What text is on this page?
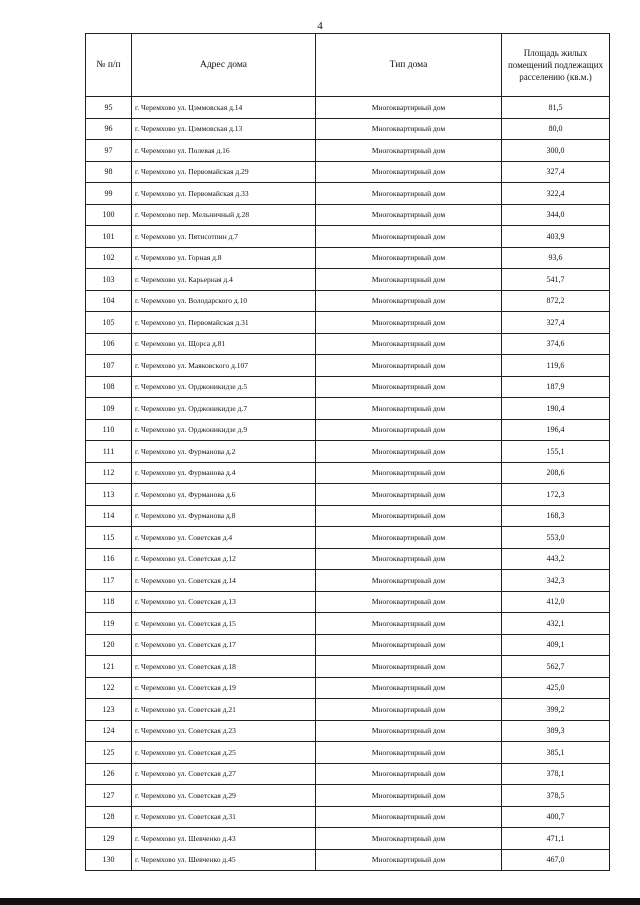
4
№ п/п	Адрес дома	Тип дома	Площадь жилых помещений подлежащих расселению (кв.м.)
95	г. Черемхово ул. Цэммовская д.14	Многоквартирный дом	81,5
96	г. Черемхово ул. Цэммовская д.13	Многоквартирный дом	80,0
97	г. Черемхово ул. Полевая д.16	Многоквартирный дом	300,0
98	г. Черемхово ул. Первомайская д.29	Многоквартирный дом	327,4
99	г. Черемхово ул. Первомайская д.33	Многоквартирный дом	322,4
100	г. Черемхово пер. Мельничный д.28	Многоквартирный дом	344,0
101	г. Черемхово ул. Пятисотпин д.7	Многоквартирный дом	403,9
102	г. Черемхово ул. Горная д.8	Многоквартирный дом	93,6
103	г. Черемхово ул. Карьерная д.4	Многоквартирный дом	541,7
104	г. Черемхово ул. Володарского д.10	Многоквартирный дом	872,2
105	г. Черемхово ул. Первомайская д.31	Многоквартирный дом	327,4
106	г. Черемхово ул. Щорса д.81	Многоквартирный дом	374,6
107	г. Черемхово ул. Маяковского д.107	Многоквартирный дом	119,6
108	г. Черемхово ул. Орджоникидзе д.5	Многоквартирный дом	187,9
109	г. Черемхово ул. Орджоникидзе д.7	Многоквартирный дом	190,4
110	г. Черемхово ул. Орджоникидзе д.9	Многоквартирный дом	196,4
111	г. Черемхово ул. Фурманова д.2	Многоквартирный дом	155,1
112	г. Черемхово ул. Фурманова д.4	Многоквартирный дом	208,6
113	г. Черемхово ул. Фурманова д.6	Многоквартирный дом	172,3
114	г. Черемхово ул. Фурманова д.8	Многоквартирный дом	168,3
115	г. Черемхово ул. Советская д.4	Многоквартирный дом	553,0
116	г. Черемхово ул. Советская д.12	Многоквартирный дом	443,2
117	г. Черемхово ул. Советская д.14	Многоквартирный дом	342,3
118	г. Черемхово ул. Советская д.13	Многоквартирный дом	412,0
119	г. Черемхово ул. Советская д.15	Многоквартирный дом	432,1
120	г. Черемхово ул. Советская д.17	Многоквартирный дом	409,1
121	г. Черемхово ул. Советская д.18	Многоквартирный дом	562,7
122	г. Черемхово ул. Советская д.19	Многоквартирный дом	425,0
123	г. Черемхово ул. Советская д.21	Многоквартирный дом	399,2
124	г. Черемхово ул. Советская д.23	Многоквартирный дом	389,3
125	г. Черемхово ул. Советская д.25	Многоквартирный дом	385,1
126	г. Черемхово ул. Советская д.27	Многоквартирный дом	378,1
127	г. Черемхово ул. Советская д.29	Многоквартирный дом	378,5
128	г. Черемхово ул. Советская д.31	Многоквартирный дом	400,7
129	г. Черемхово ул. Шевченко д.43	Многоквартирный дом	471,1
130	г. Черемхово ул. Шевченко д.45	Многоквартирный дом	467,0
